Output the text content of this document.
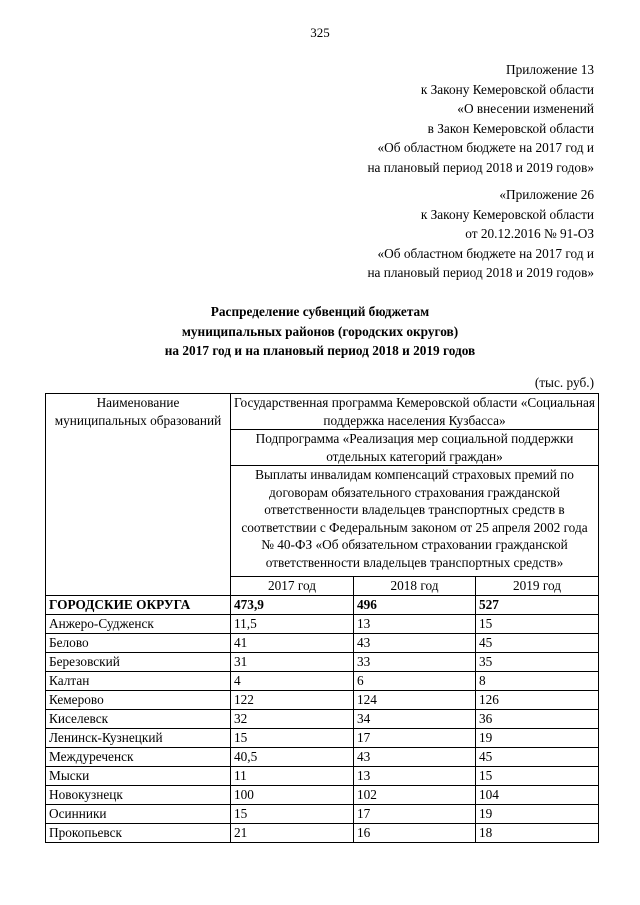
325
Приложение 13
к Закону Кемеровской области
«О внесении изменений
в Закон Кемеровской области
«Об областном бюджете на 2017 год и
на плановый период 2018 и 2019 годов»
«Приложение 26
к Закону Кемеровской области
от 20.12.2016 № 91-ОЗ
«Об областном бюджете на 2017 год и
на плановый период 2018 и 2019 годов»
Распределение субвенций бюджетам
муниципальных районов (городских округов)
на 2017 год и на плановый период 2018 и 2019 годов
(тыс. руб.)
Наименование муниципальных образований	Государственная программа Кемеровской области «Социальная поддержка населения Кузбасса»		
	Подпрограмма «Реализация мер социальной поддержки отдельных категорий граждан»		
	Выплаты инвалидам компенсаций страховых премий по договорам обязательного страхования гражданской ответственности владельцев транспортных средств в соответствии с Федеральным законом от 25 апреля 2002 года № 40-ФЗ «Об обязательном страховании гражданской ответственности владельцев транспортных средств»		
	2017 год	2018 год	2019 год
ГОРОДСКИЕ ОКРУГА	473,9	496	527
Анжеро-Судженск	11,5	13	15
Белово	41	43	45
Березовский	31	33	35
Калтан	4	6	8
Кемерово	122	124	126
Киселевск	32	34	36
Ленинск-Кузнецкий	15	17	19
Междуреченск	40,5	43	45
Мыски	11	13	15
Новокузнецк	100	102	104
Осинники	15	17	19
Прокопьевск	21	16	18
